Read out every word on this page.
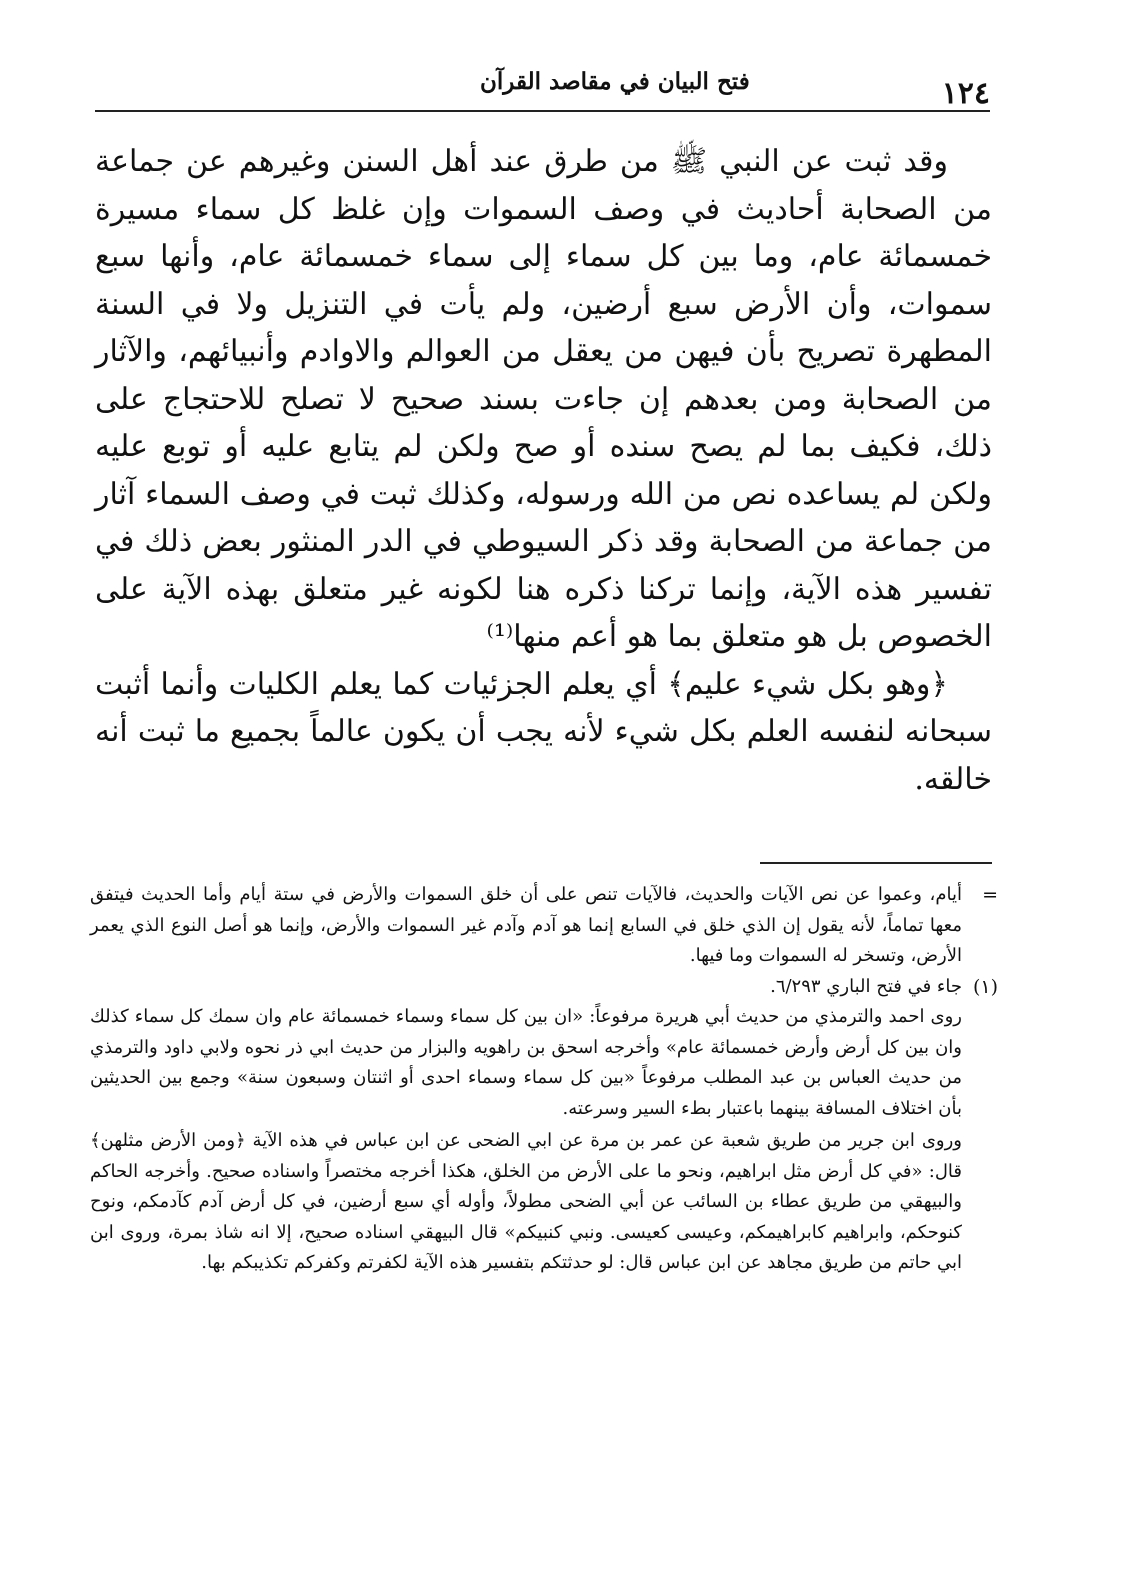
١٢٤
فتح البيان في مقاصد القرآن

وقد ثبت عن النبي ﷺ من طرق عند أهل السنن وغيرهم عن جماعة من الصحابة أحاديث في وصف السموات وإن غلظ كل سماء مسيرة خمسمائة عام، وما بين كل سماء إلى سماء خمسمائة عام، وأنها سبع سموات، وأن الأرض سبع أرضين، ولم يأت في التنزيل ولا في السنة المطهرة تصريح بأن فيهن من يعقل من العوالم والاوادم وأنبيائهم، والآثار من الصحابة ومن بعدهم إن جاءت بسند صحيح لا تصلح للاحتجاج على ذلك، فكيف بما لم يصح سنده أو صح ولكن لم يتابع عليه أو توبع عليه ولكن لم يساعده نص من الله ورسوله، وكذلك ثبت في وصف السماء آثار من جماعة من الصحابة وقد ذكر السيوطي في الدر المنثور بعض ذلك في تفسير هذه الآية، وإنما تركنا ذكره هنا لكونه غير متعلق بهذه الآية على الخصوص بل هو متعلق بما هو أعم منها⁽¹⁾

﴿وهو بكل شيء عليم﴾ أي يعلم الجزئيات كما يعلم الكليات وأنما أثبت سبحانه لنفسه العلم بكل شيء لأنه يجب أن يكون عالماً بجميع ما ثبت أنه خالقه.

=

أيام، وعموا عن نص الآيات والحديث، فالآيات تنص على أن خلق السموات والأرض في ستة أيام وأما الحديث فيتفق معها تماماً، لأنه يقول إن الذي خلق في السابع إنما هو آدم وآدم غير السموات والأرض، وإنما هو أصل النوع الذي يعمر الأرض، وتسخر له السموات وما فيها.

(١)

جاء في فتح الباري ٦/٢٩٣.

روى احمد والترمذي من حديث أبي هريرة مرفوعاً: «ان بين كل سماء وسماء خمسمائة عام وان سمك كل سماء كذلك وان بين كل أرض وأرض خمسمائة عام» وأخرجه اسحق بن راهويه والبزار من حديث ابي ذر نحوه ولابي داود والترمذي من حديث العباس بن عبد المطلب مرفوعاً «بين كل سماء وسماء احدى أو اثنتان وسبعون سنة» وجمع بين الحديثين بأن اختلاف المسافة بينهما باعتبار بطء السير وسرعته.

وروى ابن جرير من طريق شعبة عن عمر بن مرة عن ابي الضحى عن ابن عباس في هذه الآية ﴿ومن الأرض مثلهن﴾ قال: «في كل أرض مثل ابراهيم، ونحو ما على الأرض من الخلق، هكذا أخرجه مختصراً واسناده صحيح. وأخرجه الحاكم والبيهقي من طريق عطاء بن السائب عن أبي الضحى مطولاً، وأوله أي سبع أرضين، في كل أرض آدم كآدمكم، ونوح كنوحكم، وابراهيم كابراهيمكم، وعيسى كعيسى. ونبي كنبيكم» قال البيهقي اسناده صحيح، إلا انه شاذ بمرة، وروى ابن ابي حاتم من طريق مجاهد عن ابن عباس قال: لو حدثتكم بتفسير هذه الآية لكفرتم وكفركم تكذيبكم بها.
